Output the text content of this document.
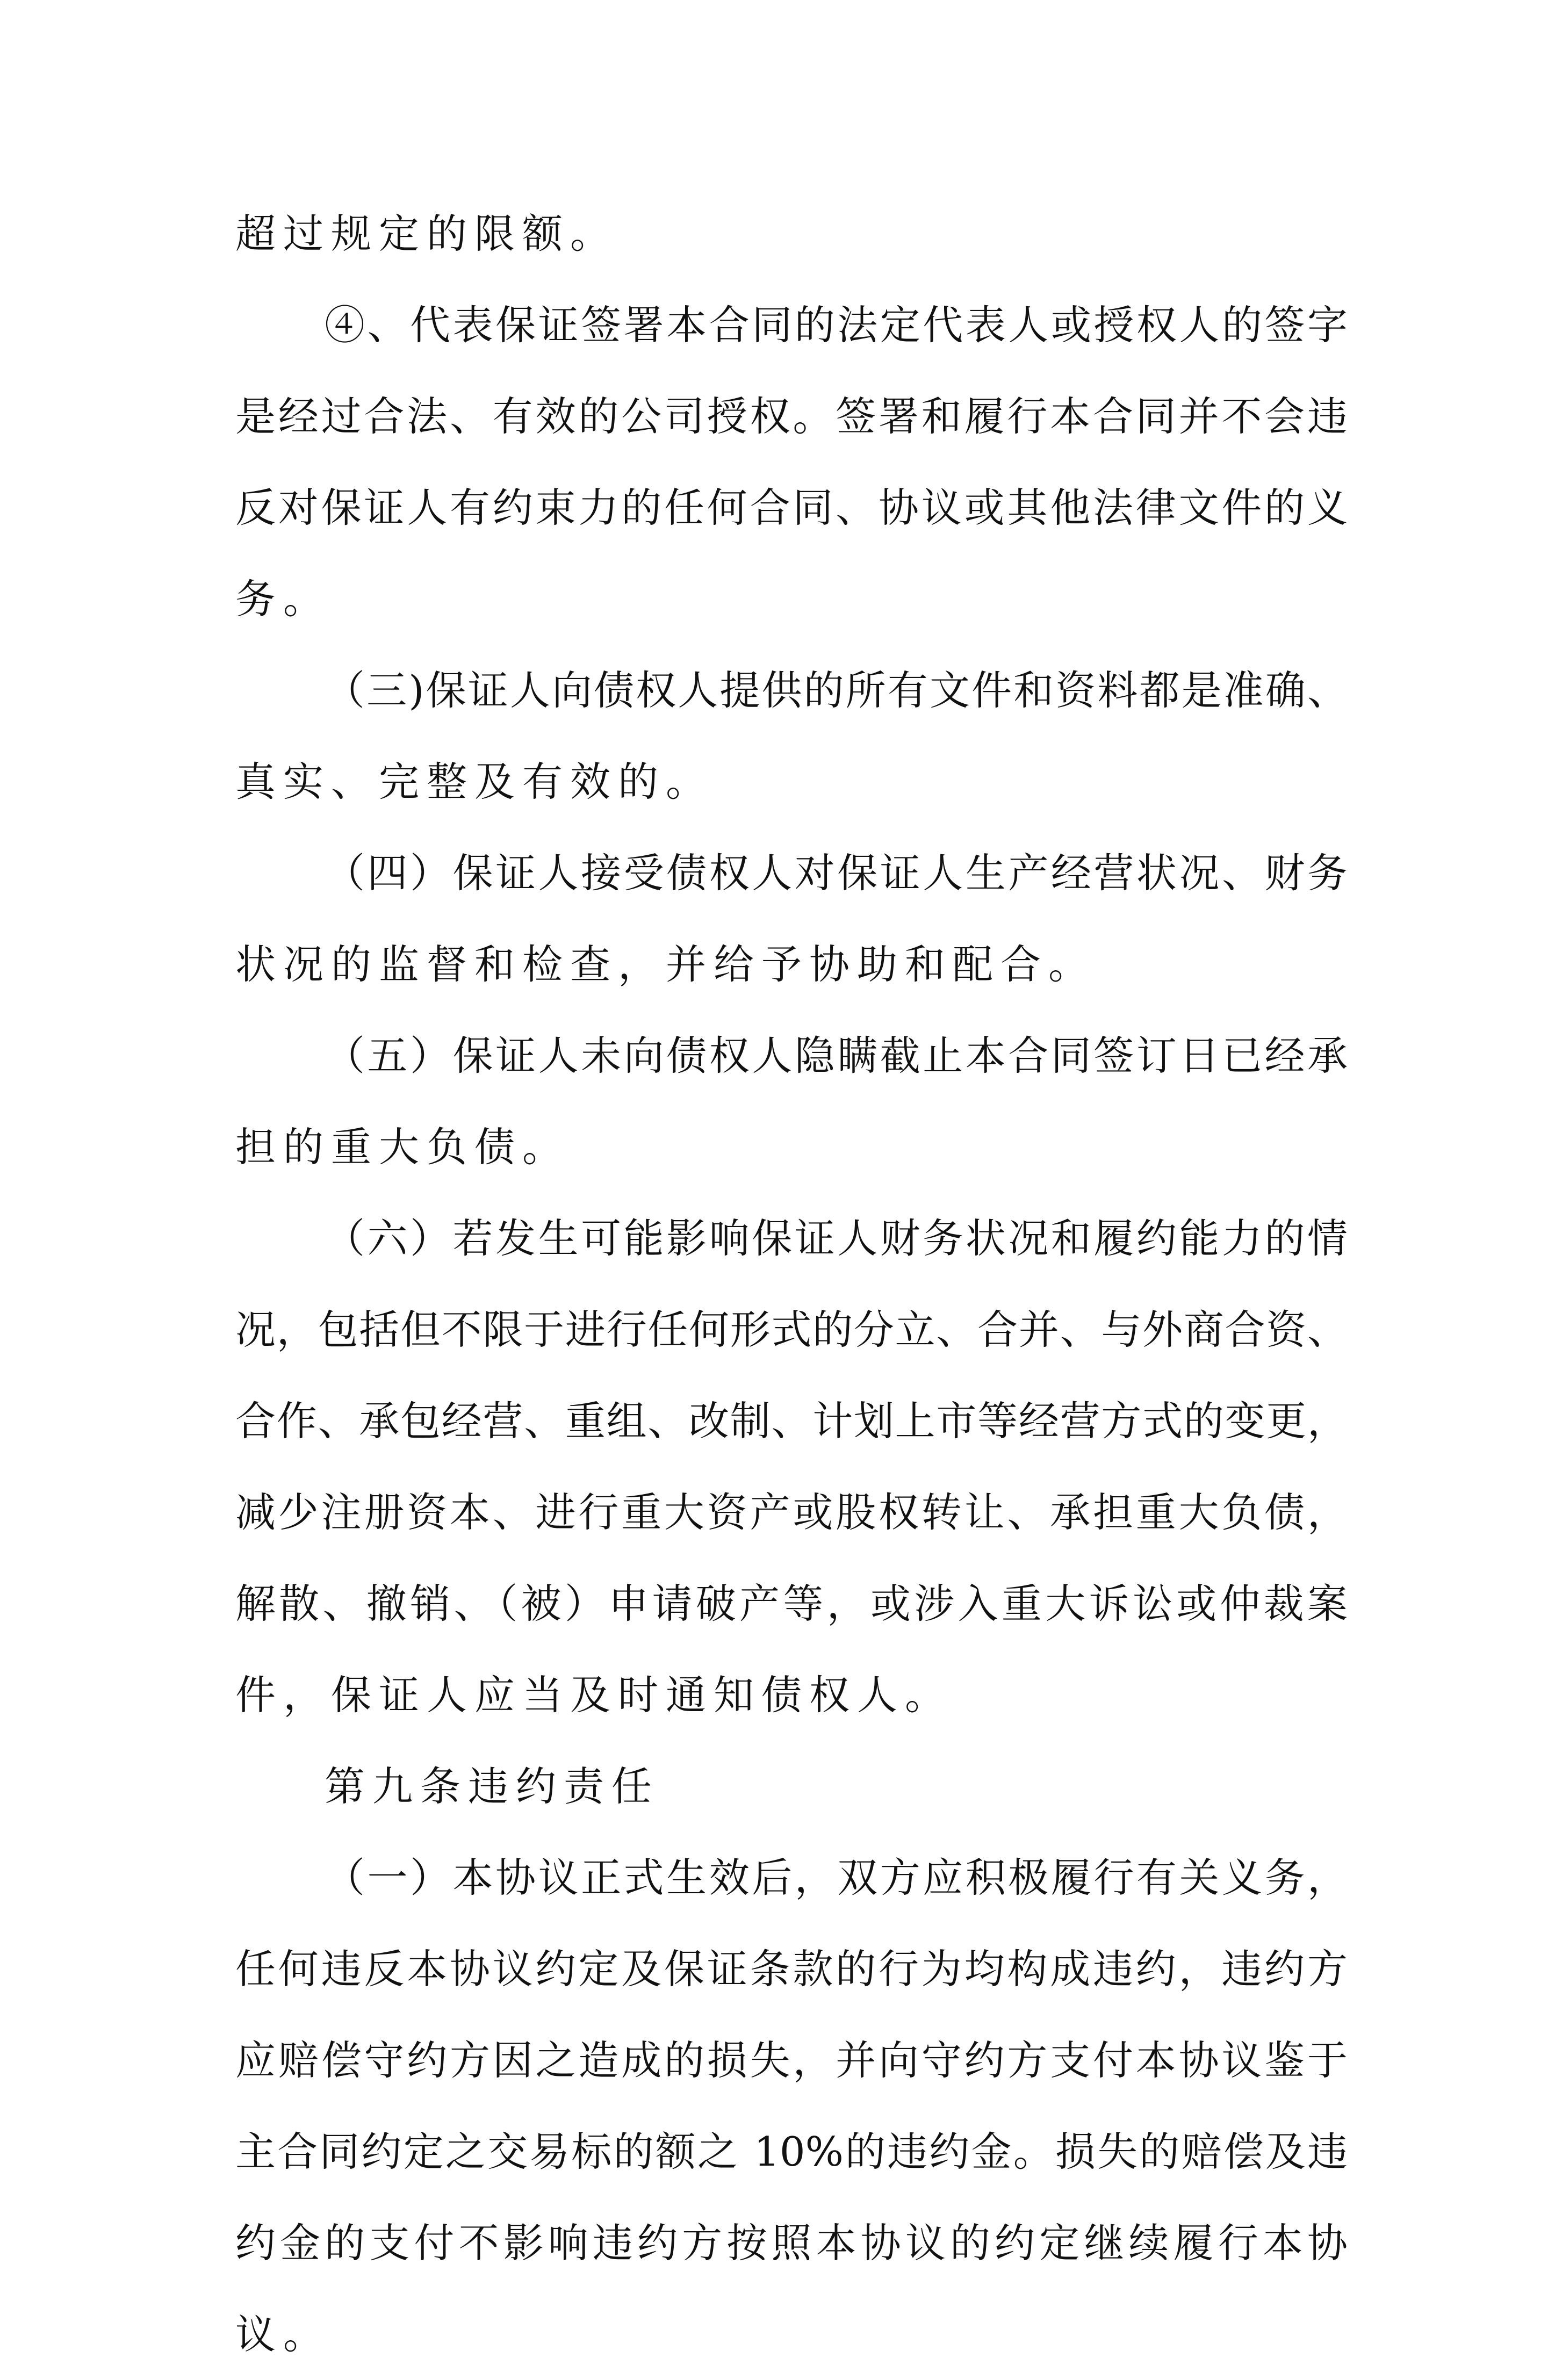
超过规定的限额。
④、代表保证签署本合同的法定代表人或授权人的签字
是经过合法、有效的公司授权。签署和履行本合同并不会违
反对保证人有约束力的任何合同、协议或其他法律文件的义
务。
（三)保证人向债权人提供的所有文件和资料都是准确、
真实、完整及有效的。
（四）保证人接受债权人对保证人生产经营状况、财务
状况的监督和检查，并给予协助和配合。
（五）保证人未向债权人隐瞒截止本合同签订日已经承
担的重大负债。
（六）若发生可能影响保证人财务状况和履约能力的情
况，包括但不限于进行任何形式的分立、合并、与外商合资、
合作、承包经营、重组、改制、计划上市等经营方式的变更，
减少注册资本、进行重大资产或股权转让、承担重大负债，
解散、撤销、（被）申请破产等，或涉入重大诉讼或仲裁案
件，保证人应当及时通知债权人。
第九条违约责任
（一）本协议正式生效后，双方应积极履行有关义务，
任何违反本协议约定及保证条款的行为均构成违约，违约方
应赔偿守约方因之造成的损失，并向守约方支付本协议鉴于
主合同约定之交易标的额之 10%的违约金。损失的赔偿及违
约金的支付不影响违约方按照本协议的约定继续履行本协
议。
